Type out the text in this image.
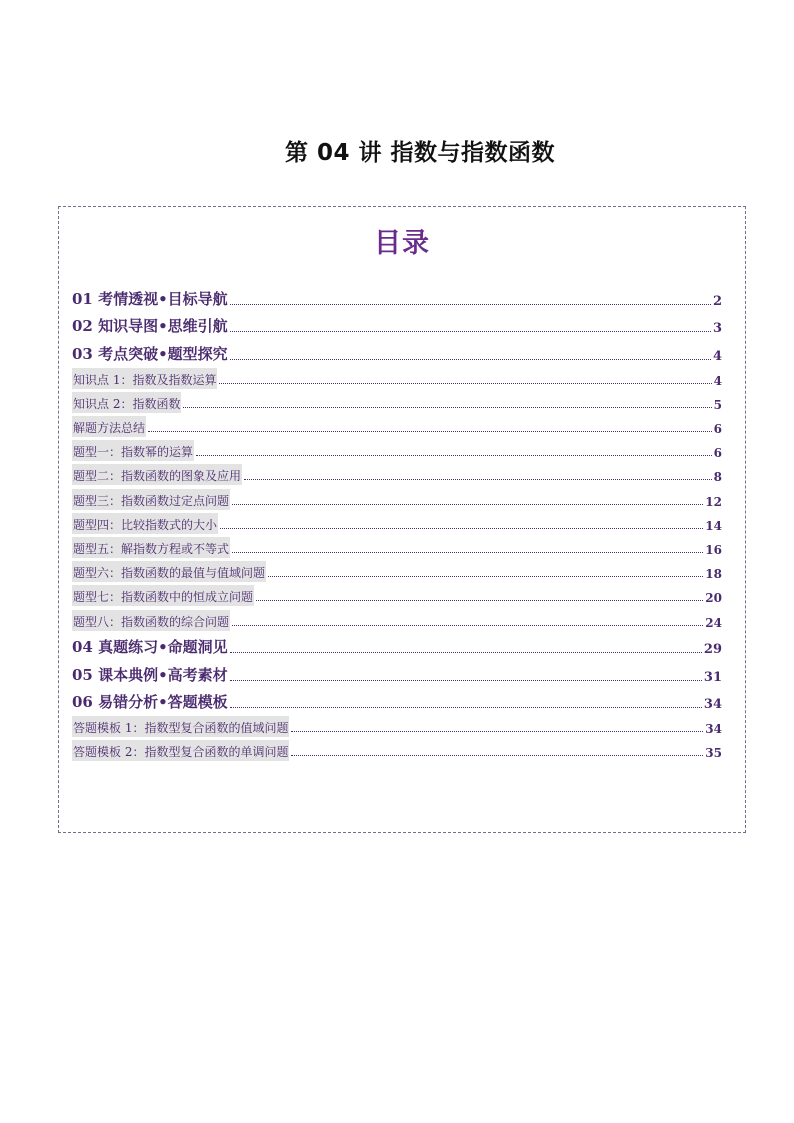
第 04 讲 指数与指数函数
目录
01 考情透视•目标导航	2
02 知识导图•思维引航	3
03 考点突破•题型探究	4
知识点 1：指数及指数运算	4
知识点 2：指数函数	5
解题方法总结	6
题型一：指数幂的运算	6
题型二：指数函数的图象及应用	8
题型三：指数函数过定点问题	12
题型四：比较指数式的大小	14
题型五：解指数方程或不等式	16
题型六：指数函数的最值与值域问题	18
题型七：指数函数中的恒成立问题	20
题型八：指数函数的综合问题	24
04 真题练习•命题洞见	29
05 课本典例•高考素材	31
06 易错分析•答题模板	34
答题模板 1：指数型复合函数的值域问题	34
答题模板 2：指数型复合函数的单调问题	35
